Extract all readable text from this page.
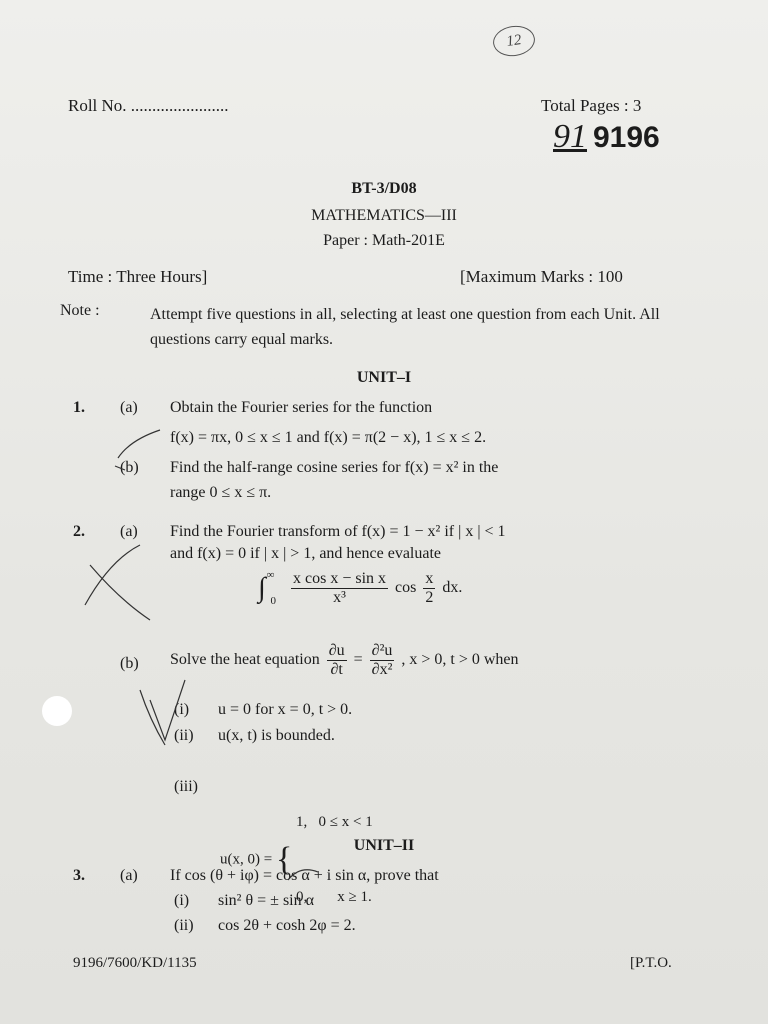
12
Roll No. .......................	Total Pages : 3
91 9196
BT-3/D08
MATHEMATICS—III
Paper : Math-201E
Time : Three Hours]	[Maximum Marks : 100
Note :	Attempt five questions in all, selecting at least one question from each Unit. All questions carry equal marks.
UNIT–I
1. (a) Obtain the Fourier series for the function
f(x) = πx, 0 ≤ x ≤ 1 and f(x) = π(2 − x), 1 ≤ x ≤ 2.
(b) Find the half-range cosine series for f(x) = x² in the
range 0 ≤ x ≤ π.
2. (a) Find the Fourier transform of f(x) = 1 − x² if | x | < 1
and f(x) = 0 if | x | > 1, and hence evaluate
∫ ∞ $_0 \frac{\text{x cos x − sin x}}{\text{x³}}$ $\cos \frac{x}{2}$ dx.
(b) Solve the heat equation $\frac{\partial u}{\partial t} = \frac{\text{∂²u}}{\text{∂x²}}$ , x > 0, t > 0 when
(i) u = 0 for x = 0, t > 0.
(ii) u(x, t) is bounded.
(iii)
u(x, 0) = {

1,   0 ≤ x < 1

0,        x ≥ 1.

UNIT–II
3. (a) If cos (θ + iφ) = cos α + i sin α, prove that
(i) sin² θ = ± sin α
(ii) cos 2θ + cosh 2φ = 2.
9196/7600/KD/1135	[P.T.O.
